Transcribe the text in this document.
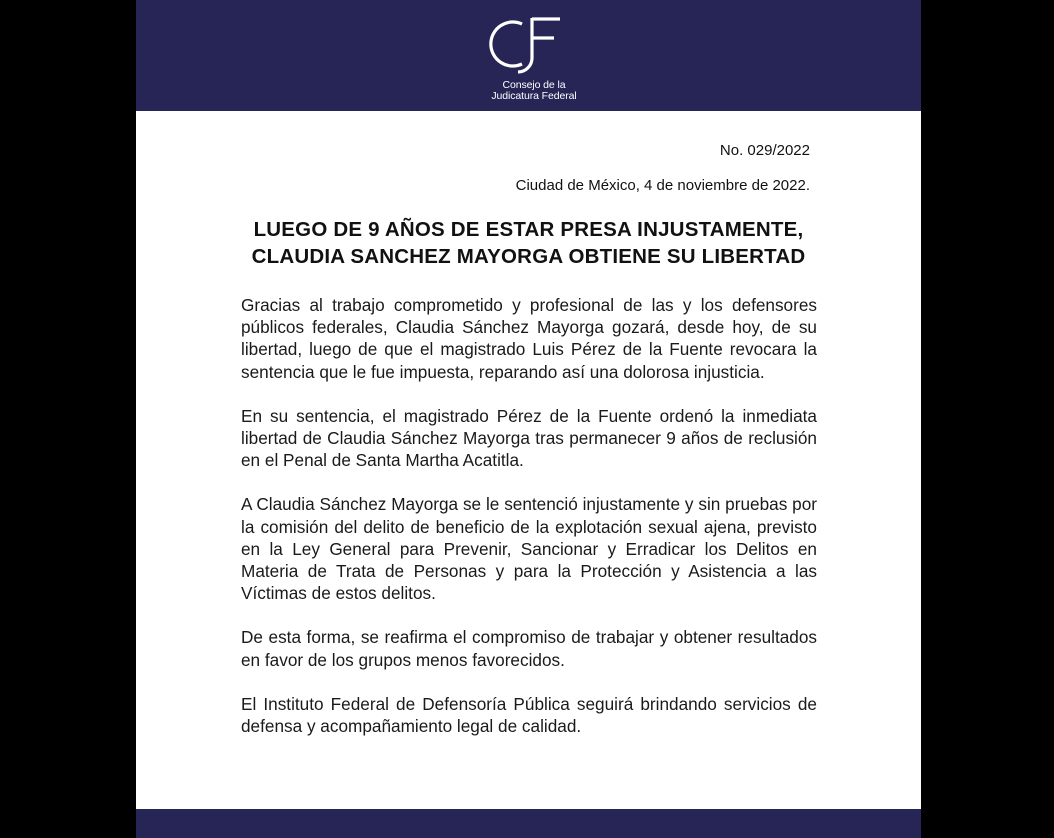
Consejo de la
Judicatura Federal
No. 029/2022
Ciudad de México, 4 de noviembre de 2022.
LUEGO DE 9 AÑOS DE ESTAR PRESA INJUSTAMENTE,
CLAUDIA SANCHEZ MAYORGA OBTIENE SU LIBERTAD

Gracias al trabajo comprometido y profesional de las y los defensores públicos federales, Claudia Sánchez Mayorga gozará, desde hoy, de su libertad, luego de que el magistrado Luis Pérez de la Fuente revocara la sentencia que le fue impuesta, reparando así una dolorosa injusticia.

En su sentencia, el magistrado Pérez de la Fuente ordenó la inmediata libertad de Claudia Sánchez Mayorga tras permanecer 9 años de reclusión en el Penal de Santa Martha Acatitla.

A Claudia Sánchez Mayorga se le sentenció injustamente y sin pruebas por la comisión del delito de beneficio de la explotación sexual ajena, previsto en la Ley General para Prevenir, Sancionar y Erradicar los Delitos en Materia de Trata de Personas y para la Protección y Asistencia a las Víctimas de estos delitos.

De esta forma, se reafirma el compromiso de trabajar y obtener resultados en favor de los grupos menos favorecidos.

El Instituto Federal de Defensoría Pública seguirá brindando servicios de defensa y acompañamiento legal de calidad.
